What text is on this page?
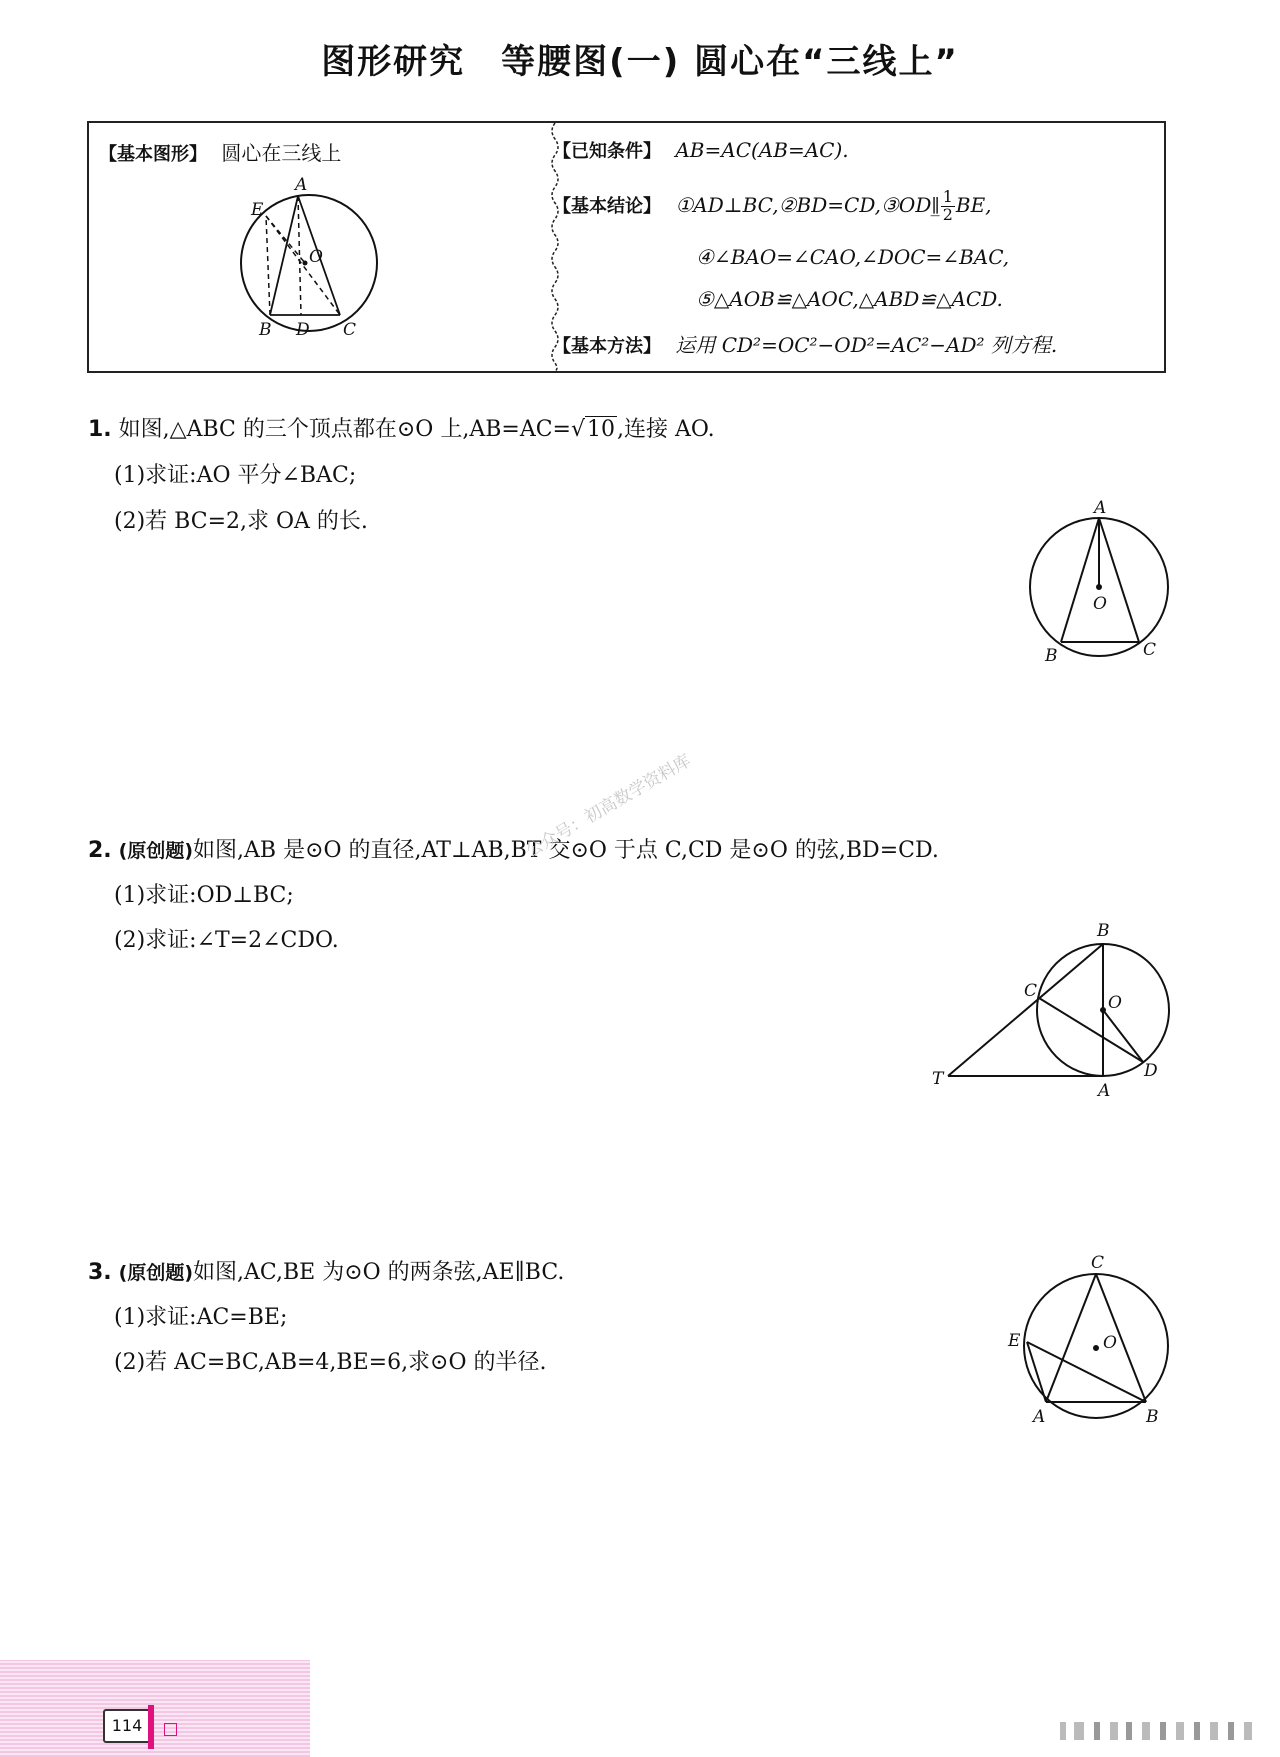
图形研究　等腰图(一) 圆心在“三线上”
【基本图形】 圆心在三线上
A
E
O
B D C
【已知条件】 AB=AC(AB=AC).
【基本结论】 ①AD⊥BC,②BD=CD,③OD∥̲ $\frac{1}{2}$ BE,
④∠BAO=∠CAO,∠DOC=∠BAC,
⑤△AOB≌△AOC,△ABD≌△ACD.
【基本方法】 运用 CD²=OC²−OD²=AC²−AD² 列方程.
1. 如图,△ABC 的三个顶点都在⊙O 上,AB=AC=√10,连接 AO.
(1)求证:AO 平分∠BAC;
(2)若 BC=2,求 OA 的长.
A
O
B	C
2. (原创题)如图,AB 是⊙O 的直径,AT⊥AB,BT 交⊙O 于点 C,CD 是⊙O 的弦,BD=CD.
(1)求证:OD⊥BC;
(2)求证:∠T=2∠CDO.	B
C
O
T
A
D
公众号：初高数学资料库
3. (原创题)如图,AC,BE 为⊙O 的两条弦,AE∥BC.
(1)求证:AC=BE;
(2)若 AC=BC,AB=4,BE=6,求⊙O 的半径.
C
O
E
A	B
114
